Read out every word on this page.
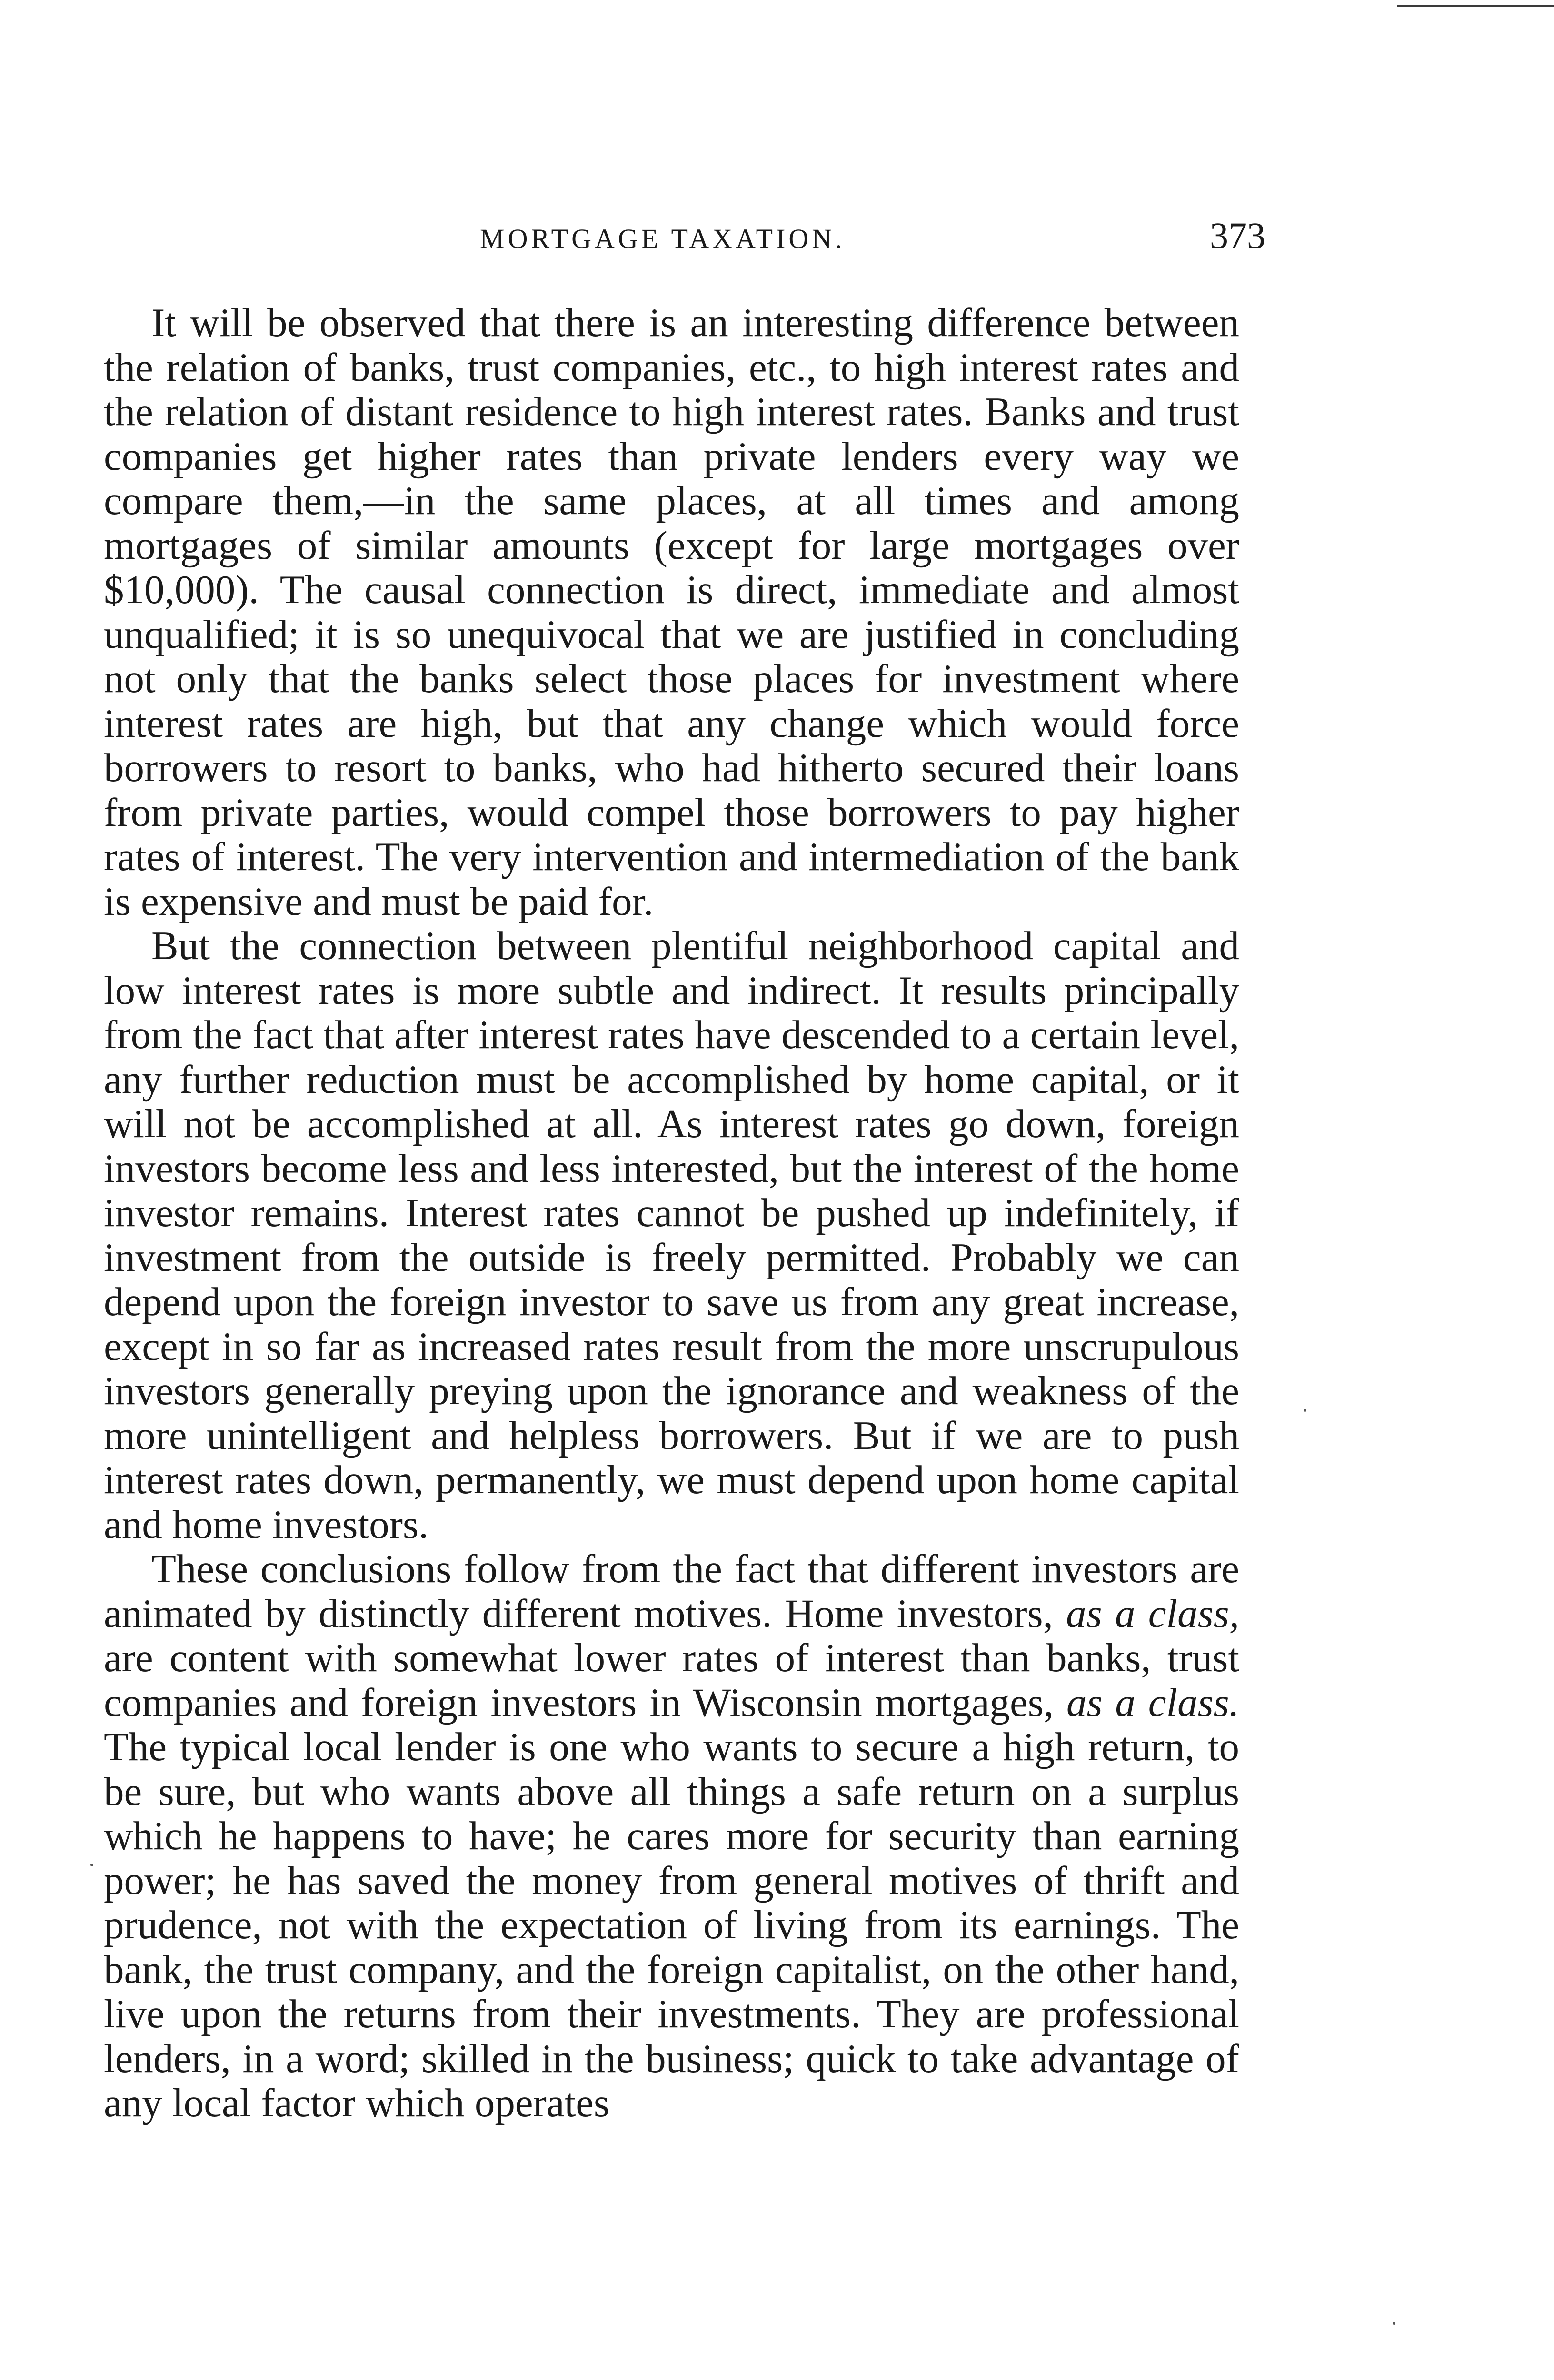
MORTGAGE TAXATION.	373

It will be observed that there is an interesting difference between the relation of banks, trust companies, etc., to high interest rates and the relation of distant residence to high interest rates. Banks and trust companies get higher rates than private lenders every way we compare them,—in the same places, at all times and among mortgages of similar amounts (except for large mortgages over $10,000). The causal connection is direct, immediate and almost unqualified; it is so unequivocal that we are justified in concluding not only that the banks select those places for investment where interest rates are high, but that any change which would force borrowers to resort to banks, who had hitherto secured their loans from private parties, would compel those borrowers to pay higher rates of interest. The very intervention and intermediation of the bank is expensive and must be paid for.

But the connection between plentiful neighborhood capital and low interest rates is more subtle and indirect. It results principally from the fact that after interest rates have descended to a certain level, any further reduction must be accomplished by home capital, or it will not be accomplished at all. As interest rates go down, foreign investors become less and less interested, but the interest of the home investor remains. Interest rates cannot be pushed up indefinitely, if investment from the outside is freely permitted. Probably we can depend upon the foreign investor to save us from any great increase, except in so far as increased rates result from the more unscrupulous investors generally preying upon the ignorance and weakness of the more unintelligent and helpless borrowers. But if we are to push interest rates down, permanently, we must depend upon home capital and home investors.

These conclusions follow from the fact that different investors are animated by distinctly different motives. Home investors, as a class, are content with somewhat lower rates of interest than banks, trust companies and foreign investors in Wisconsin mortgages, as a class. The typical local lender is one who wants to secure a high return, to be sure, but who wants above all things a safe return on a surplus which he happens to have; he cares more for security than earning power; he has saved the money from general motives of thrift and prudence, not with the expectation of living from its earnings. The bank, the trust company, and the foreign capitalist, on the other hand, live upon the returns from their investments. They are professional lenders, in a word; skilled in the business; quick to take advantage of any local factor which operates
